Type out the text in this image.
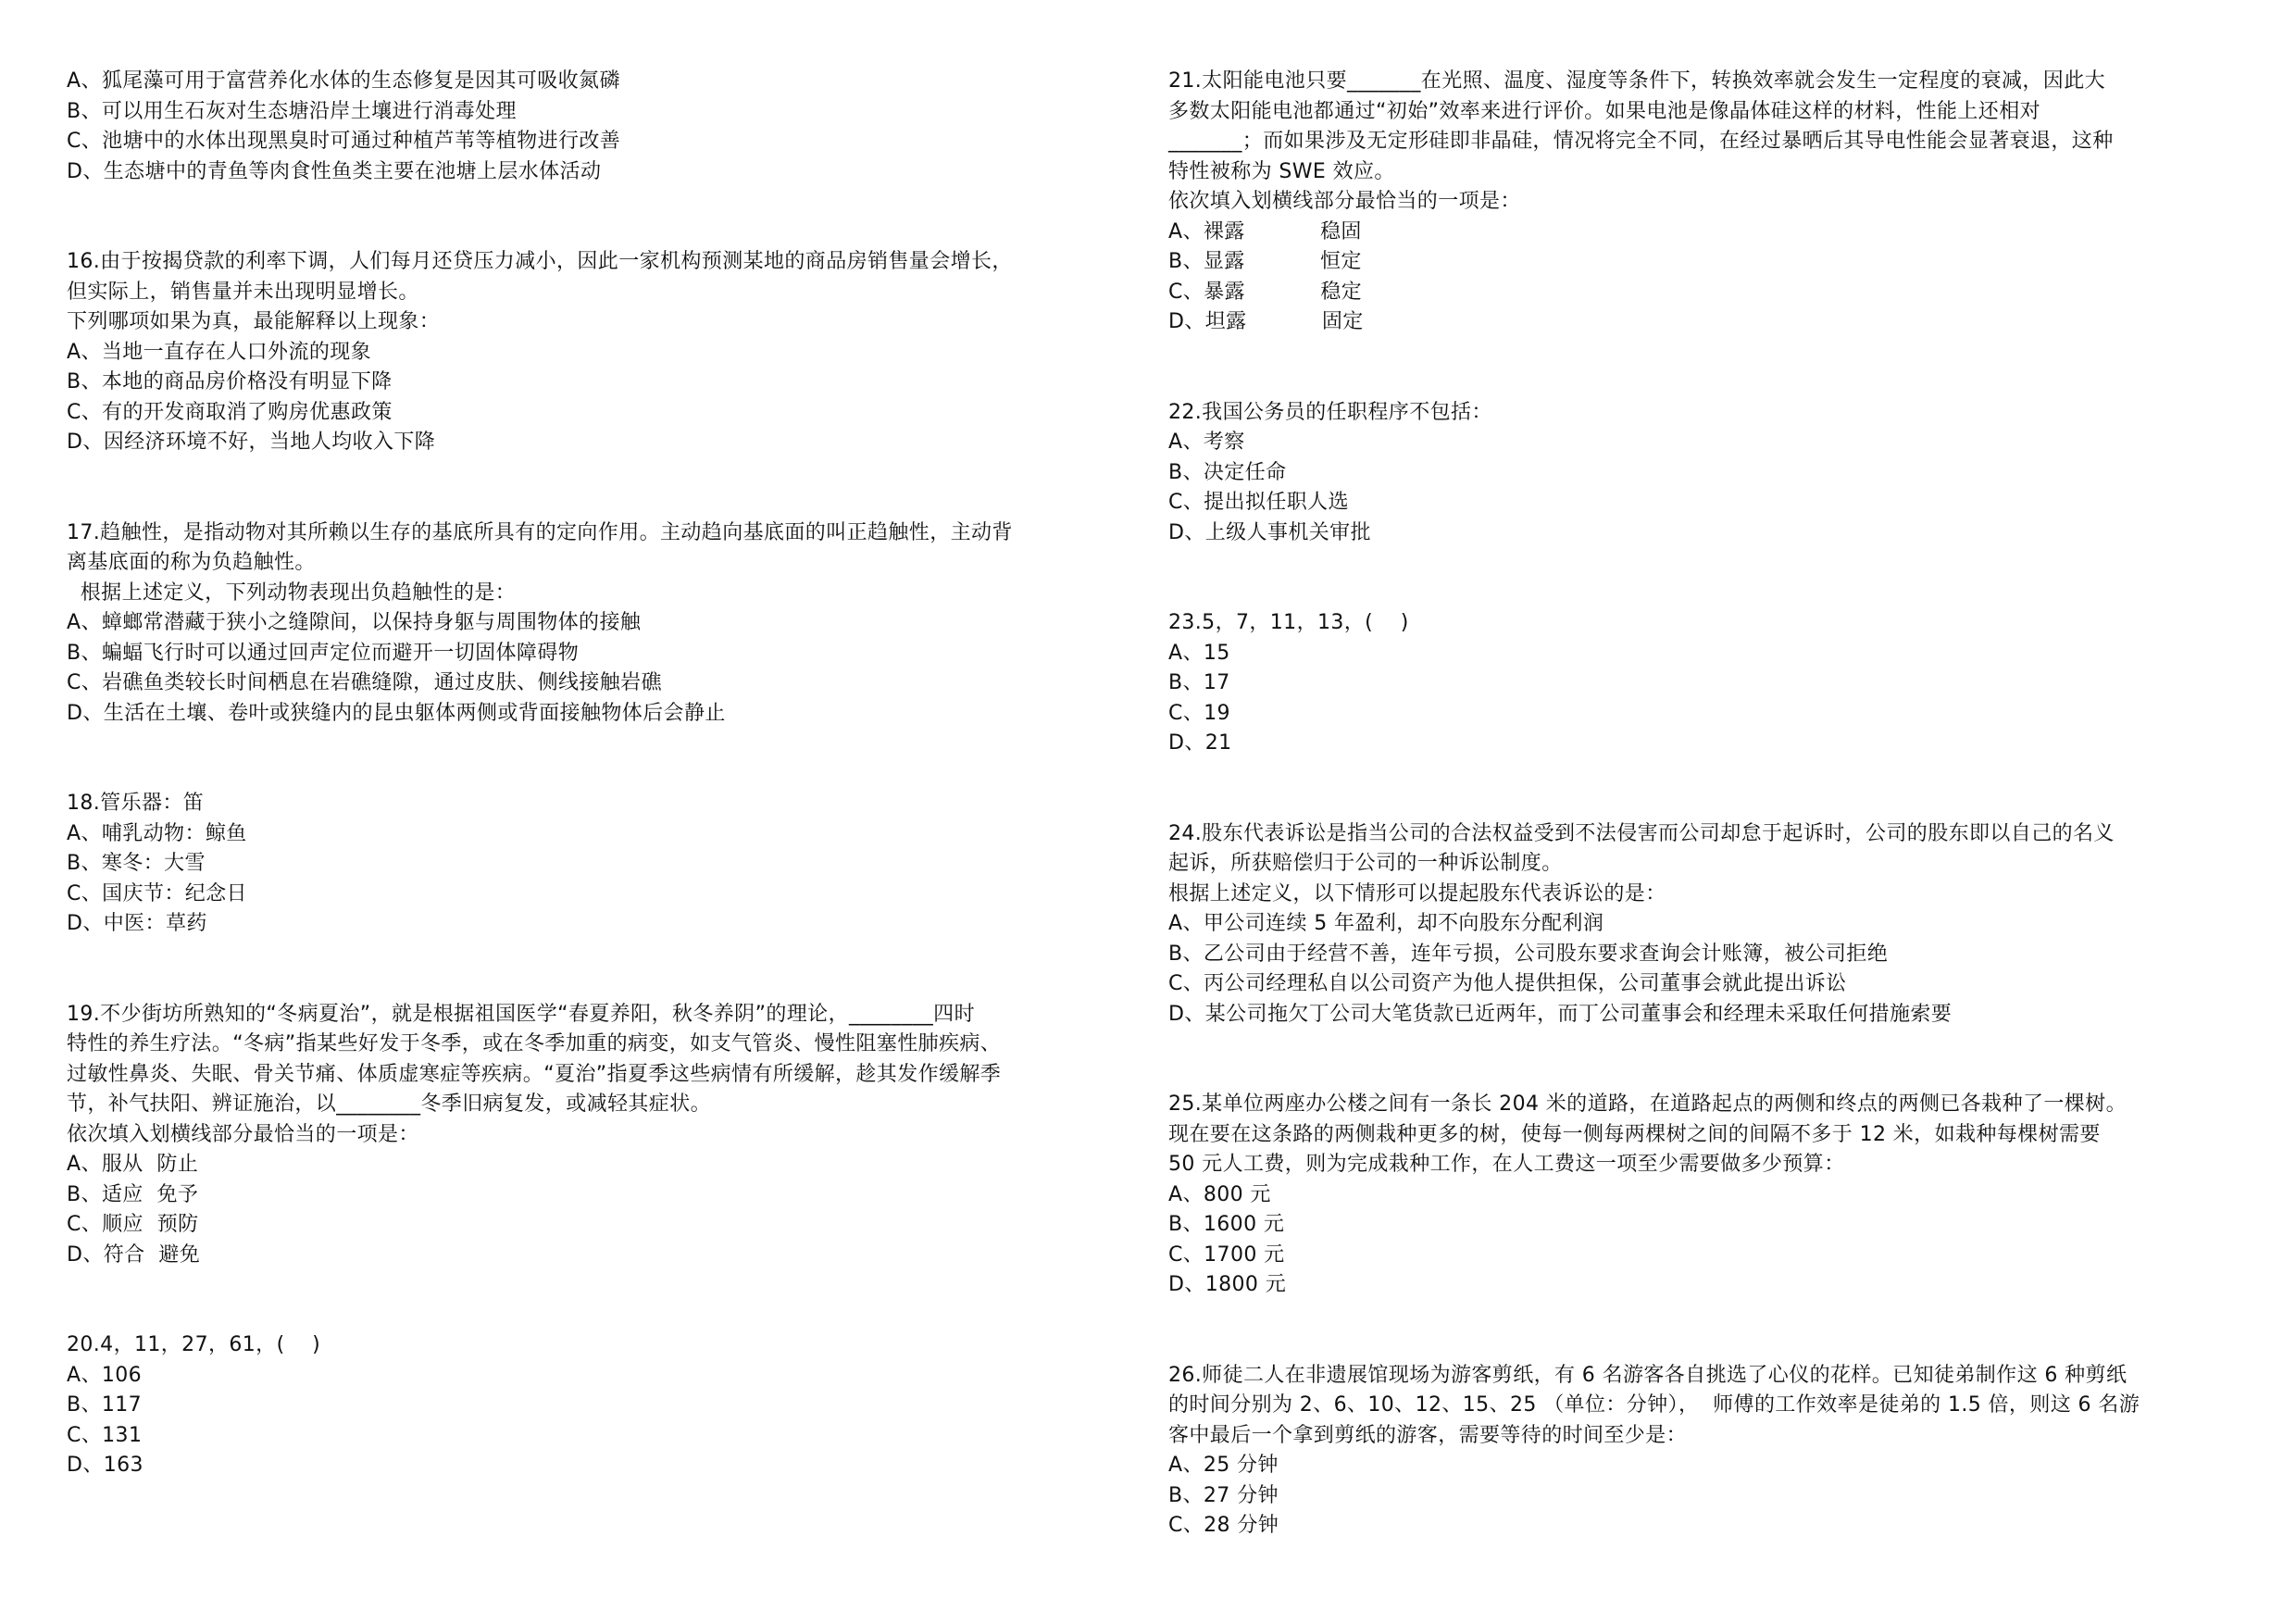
A、狐尾藻可用于富营养化水体的生态修复是因其可吸收氮磷
B、可以用生石灰对生态塘沿岸土壤进行消毒处理
C、池塘中的水体出现黑臭时可通过种植芦苇等植物进行改善
D、生态塘中的青鱼等肉食性鱼类主要在池塘上层水体活动
16.由于按揭贷款的利率下调，人们每月还贷压力减小，因此一家机构预测某地的商品房销售量会增长，
但实际上，销售量并未出现明显增长。
下列哪项如果为真，最能解释以上现象：
A、当地一直存在人口外流的现象
B、本地的商品房价格没有明显下降
C、有的开发商取消了购房优惠政策
D、因经济环境不好，当地人均收入下降
17.趋触性，是指动物对其所赖以生存的基底所具有的定向作用。主动趋向基底面的叫正趋触性，主动背
离基底面的称为负趋触性。
根据上述定义，下列动物表现出负趋触性的是：
A、蟑螂常潜藏于狭小之缝隙间，以保持身躯与周围物体的接触
B、蝙蝠飞行时可以通过回声定位而避开一切固体障碍物
C、岩礁鱼类较长时间栖息在岩礁缝隙，通过皮肤、侧线接触岩礁
D、生活在土壤、卷叶或狭缝内的昆虫躯体两侧或背面接触物体后会静止
18.管乐器：笛
A、哺乳动物：鲸鱼
B、寒冬：大雪
C、国庆节：纪念日
D、中医：草药
19.不少街坊所熟知的“冬病夏治”，就是根据祖国医学“春夏养阳，秋冬养阴”的理论，________四时
特性的养生疗法。“冬病”指某些好发于冬季，或在冬季加重的病变，如支气管炎、慢性阻塞性肺疾病、
过敏性鼻炎、失眠、骨关节痛、体质虚寒症等疾病。“夏治”指夏季这些病情有所缓解，趁其发作缓解季
节，补气扶阳、辨证施治，以________冬季旧病复发，或减轻其症状。
依次填入划横线部分最恰当的一项是：
A、服从  防止
B、适应  免予
C、顺应  预防
D、符合  避免
20.4，11，27，61，(    )
A、106
B、117
C、131
D、163
21.太阳能电池只要_______在光照、温度、湿度等条件下，转换效率就会发生一定程度的衰减，因此大
多数太阳能电池都通过“初始”效率来进行评价。如果电池是像晶体硅这样的材料，性能上还相对
_______；而如果涉及无定形硅即非晶硅，情况将完全不同，在经过暴晒后其导电性能会显著衰退，这种
特性被称为 SWE 效应。
依次填入划横线部分最恰当的一项是：
A、裸露           稳固
B、显露           恒定
C、暴露           稳定
D、坦露           固定
22.我国公务员的任职程序不包括：
A、考察
B、决定任命
C、提出拟任职人选
D、上级人事机关审批
23.5，7，11，13，(    )
A、15
B、17
C、19
D、21
24.股东代表诉讼是指当公司的合法权益受到不法侵害而公司却怠于起诉时，公司的股东即以自己的名义
起诉，所获赔偿归于公司的一种诉讼制度。
根据上述定义，以下情形可以提起股东代表诉讼的是：
A、甲公司连续 5 年盈利，却不向股东分配利润
B、乙公司由于经营不善，连年亏损，公司股东要求查询会计账簿，被公司拒绝
C、丙公司经理私自以公司资产为他人提供担保，公司董事会就此提出诉讼
D、某公司拖欠丁公司大笔货款已近两年，而丁公司董事会和经理未采取任何措施索要
25.某单位两座办公楼之间有一条长 204 米的道路，在道路起点的两侧和终点的两侧已各栽种了一棵树。
现在要在这条路的两侧栽种更多的树，使每一侧每两棵树之间的间隔不多于 12 米，如栽种每棵树需要
50 元人工费，则为完成栽种工作，在人工费这一项至少需要做多少预算：
A、800 元
B、1600 元
C、1700 元
D、1800 元
26.师徒二人在非遗展馆现场为游客剪纸，有 6 名游客各自挑选了心仪的花样。已知徒弟制作这 6 种剪纸
的时间分别为 2、6、10、12、15、25 （单位：分钟），  师傅的工作效率是徒弟的 1.5 倍，则这 6 名游
客中最后一个拿到剪纸的游客，需要等待的时间至少是：
A、25 分钟
B、27 分钟
C、28 分钟
